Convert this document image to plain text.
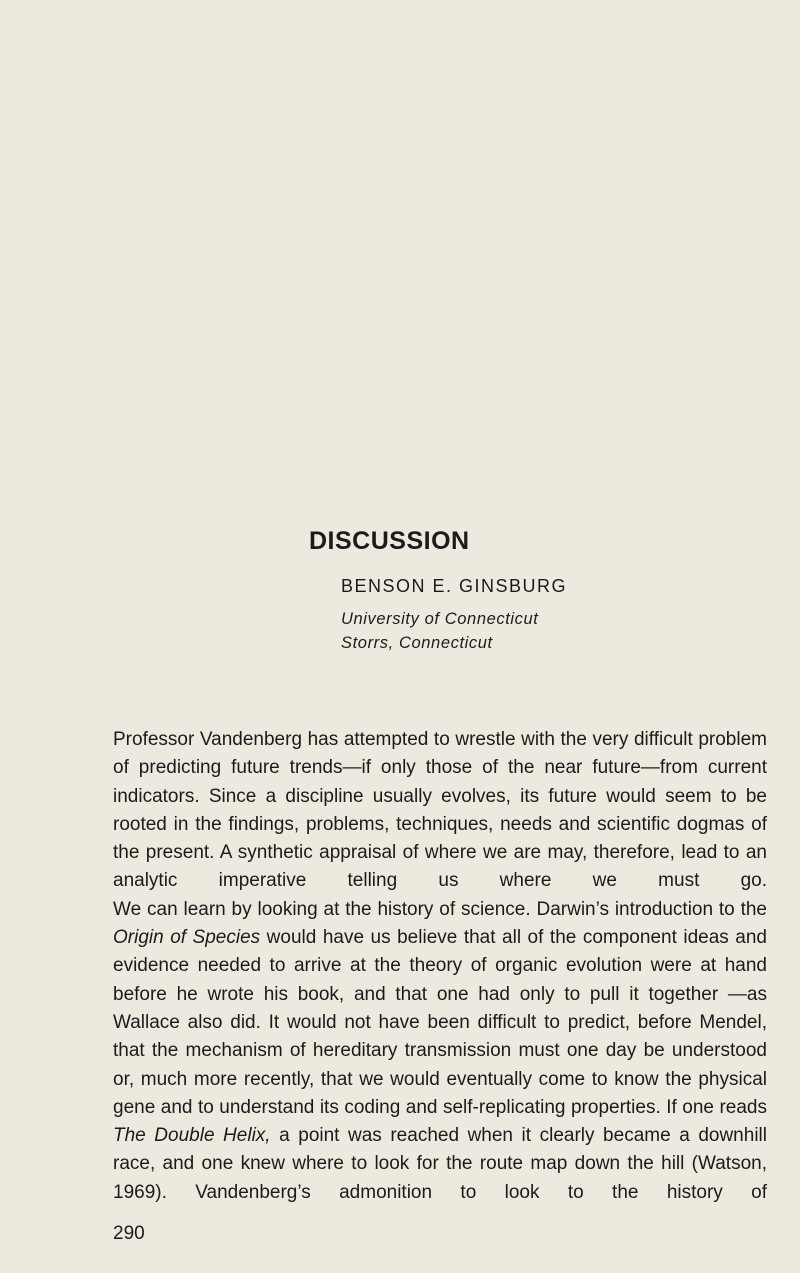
DISCUSSION

BENSON E. GINSBURG

University of Connecticut

Storrs, Connecticut

Professor Vandenberg has attempted to wrestle with the very difficult problem of predicting future trends—if only those of the near future—from current indicators. Since a discipline usually evolves, its future would seem to be rooted in the findings, problems, techniques, needs and scientific dogmas of the present. A synthetic appraisal of where we are may, therefore, lead to an analytic imperative telling us where we must go.

We can learn by looking at the history of science. Darwin’s introduction to the Origin of Species would have us believe that all of the component ideas and evidence needed to arrive at the theory of organic evolution were at hand before he wrote his book, and that one had only to pull it together —as Wallace also did. It would not have been difficult to predict, before Mendel, that the mechanism of hereditary transmission must one day be understood or, much more recently, that we would eventually come to know the physical gene and to understand its coding and self-replicating properties. If one reads The Double Helix, a point was reached when it clearly became a downhill race, and one knew where to look for the route map down the hill (Watson, 1969). Vandenberg’s admonition to look to the history of

290
